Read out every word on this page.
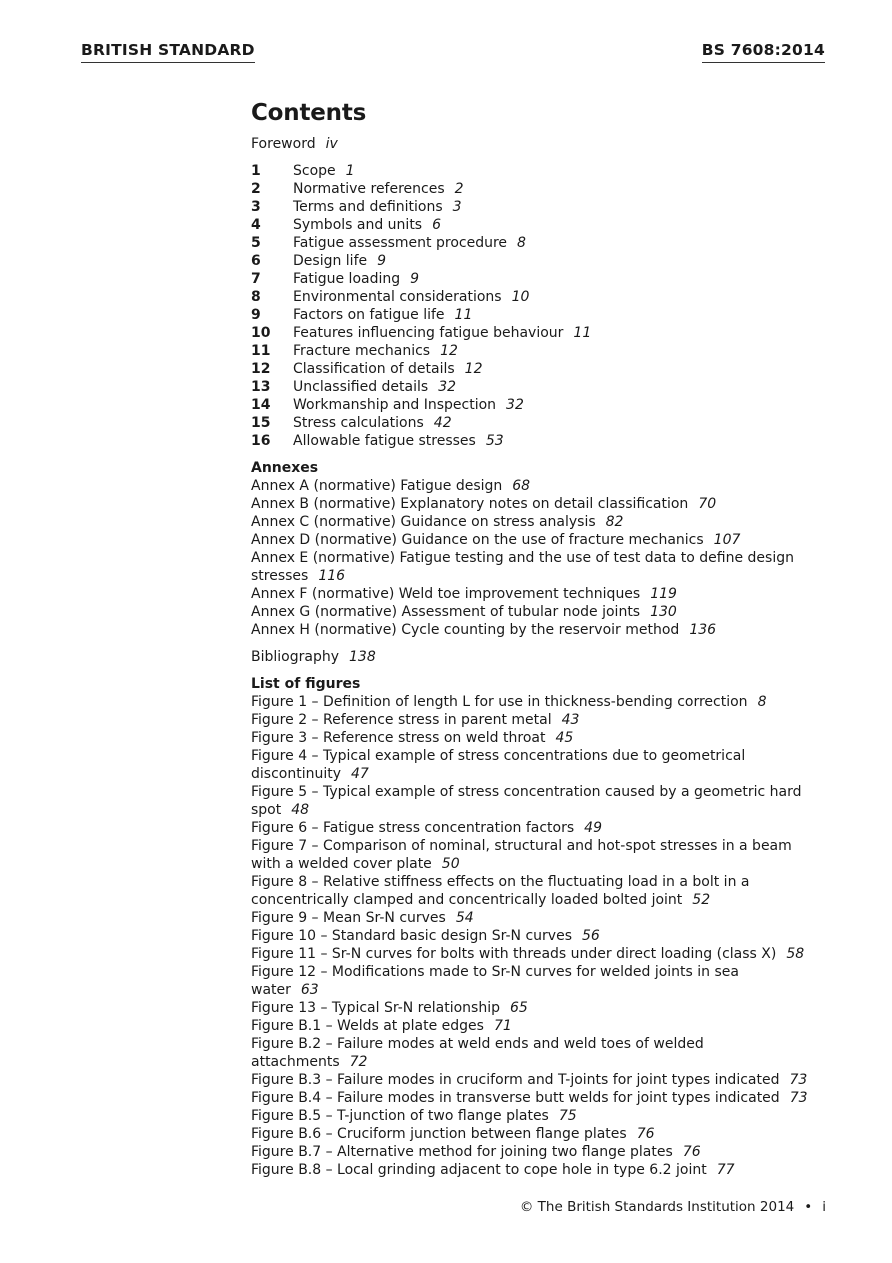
BRITISH STANDARD	BS 7608:2014
Contents
Foreword iv
1	Scope 1
2	Normative references 2
3	Terms and definitions 3
4	Symbols and units 6
5	Fatigue assessment procedure 8
6	Design life 9
7	Fatigue loading 9
8	Environmental considerations 10
9	Factors on fatigue life 11
10	Features influencing fatigue behaviour 11
11	Fracture mechanics 12
12	Classification of details 12
13	Unclassified details 32
14	Workmanship and Inspection 32
15	Stress calculations 42
16	Allowable fatigue stresses 53
Annexes
Annex A (normative) Fatigue design 68
Annex B (normative) Explanatory notes on detail classification 70
Annex C (normative) Guidance on stress analysis 82
Annex D (normative) Guidance on the use of fracture mechanics 107
Annex E (normative) Fatigue testing and the use of test data to define design stresses 116
Annex F (normative) Weld toe improvement techniques 119
Annex G (normative) Assessment of tubular node joints 130
Annex H (normative) Cycle counting by the reservoir method 136
Bibliography 138
List of figures
Figure 1 – Definition of length L for use in thickness-bending correction 8
Figure 2 – Reference stress in parent metal 43
Figure 3 – Reference stress on weld throat 45
Figure 4 – Typical example of stress concentrations due to geometrical discontinuity 47
Figure 5 – Typical example of stress concentration caused by a geometric hard spot 48
Figure 6 – Fatigue stress concentration factors 49
Figure 7 – Comparison of nominal, structural and hot-spot stresses in a beam with a welded cover plate 50
Figure 8 – Relative stiffness effects on the fluctuating load in a bolt in a concentrically clamped and concentrically loaded bolted joint 52
Figure 9 – Mean Sr-N curves 54
Figure 10 – Standard basic design Sr-N curves 56
Figure 11 – Sr-N curves for bolts with threads under direct loading (class X) 58
Figure 12 – Modifications made to Sr-N curves for welded joints in sea water 63
Figure 13 – Typical Sr-N relationship 65
Figure B.1 – Welds at plate edges 71
Figure B.2 – Failure modes at weld ends and weld toes of welded attachments 72
Figure B.3 – Failure modes in cruciform and T-joints for joint types indicated 73
Figure B.4 – Failure modes in transverse butt welds for joint types indicated 73
Figure B.5 – T-junction of two flange plates 75
Figure B.6 – Cruciform junction between flange plates 76
Figure B.7 – Alternative method for joining two flange plates 76
Figure B.8 – Local grinding adjacent to cope hole in type 6.2 joint 77
© The British Standards Institution 2014 • i
